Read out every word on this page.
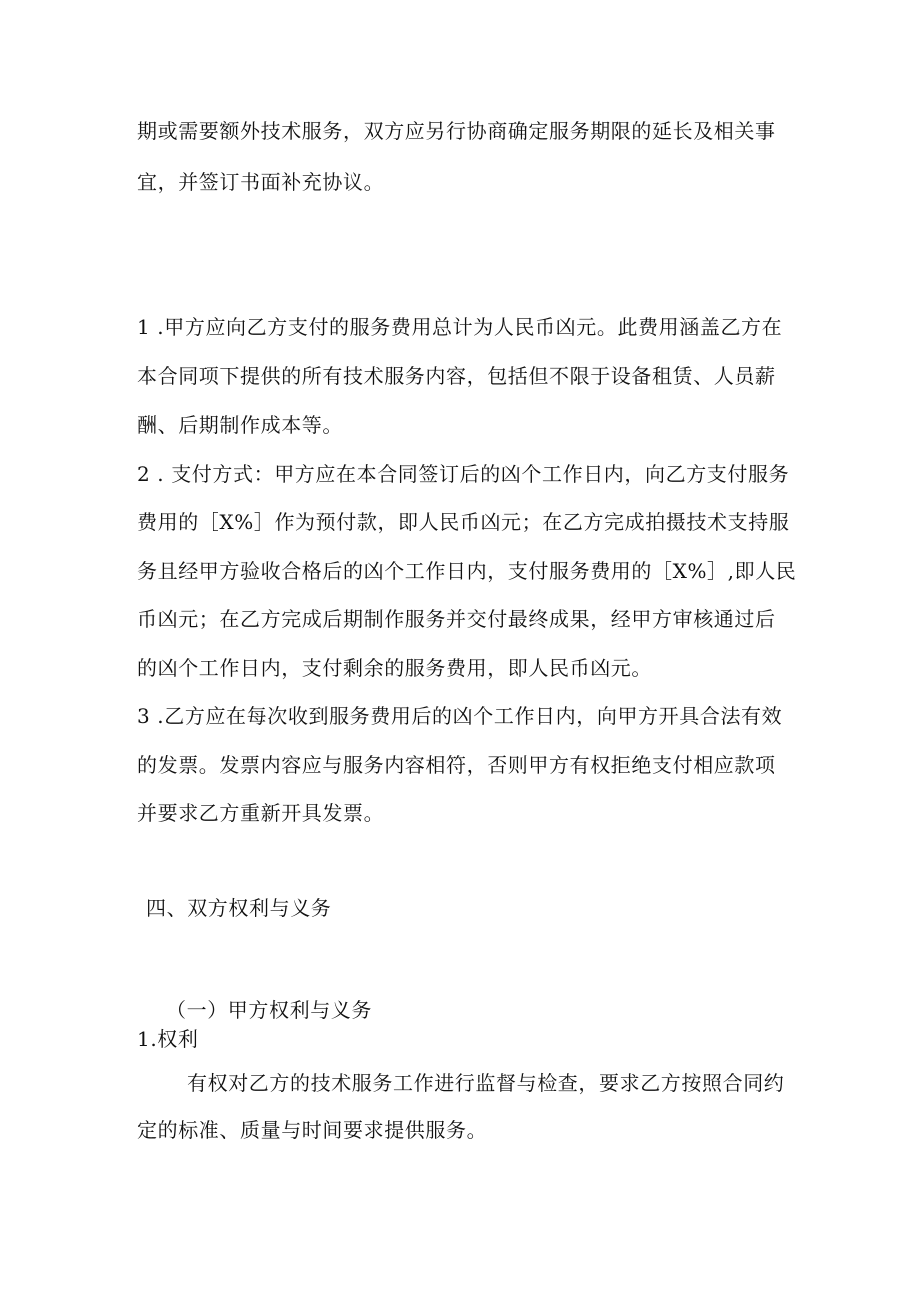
期或需要额外技术服务，双方应另行协商确定服务期限的延长及相关事
宜，并签订书面补充协议。
1 .甲方应向乙方支付的服务费用总计为人民币凶元。此费用涵盖乙方在
本合同项下提供的所有技术服务内容，包括但不限于设备租赁、人员薪
酬、后期制作成本等。
2 . 支付方式：甲方应在本合同签订后的凶个工作日内，向乙方支付服务
费用的［X%］作为预付款，即人民币凶元；在乙方完成拍摄技术支持服
务且经甲方验收合格后的凶个工作日内，支付服务费用的［X%］,即人民
币凶元；在乙方完成后期制作服务并交付最终成果，经甲方审核通过后
的凶个工作日内，支付剩余的服务费用，即人民币凶元。
3 .乙方应在每次收到服务费用后的凶个工作日内，向甲方开具合法有效
的发票。发票内容应与服务内容相符，否则甲方有权拒绝支付相应款项
并要求乙方重新开具发票。
四、双方权利与义务
（一）甲方权利与义务
1.权利
有权对乙方的技术服务工作进行监督与检查，要求乙方按照合同约
定的标准、质量与时间要求提供服务。
